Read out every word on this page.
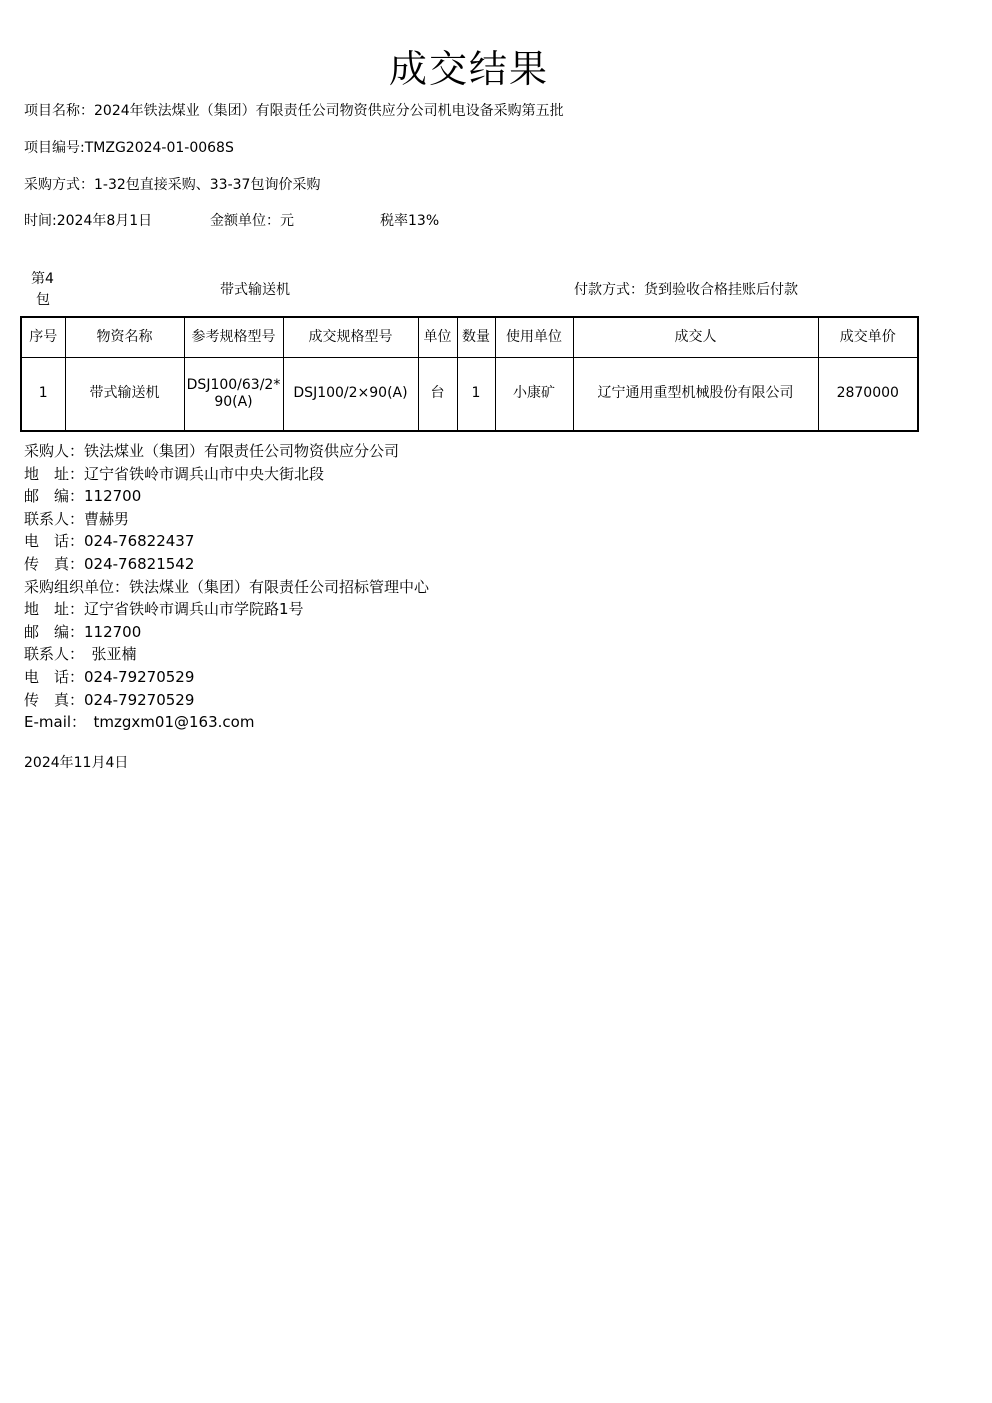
成交结果
项目名称：2024年铁法煤业（集团）有限责任公司物资供应分公司机电设备采购第五批
项目编号:TMZG2024-01-0068S
采购方式：1-32包直接采购、33-37包询价采购
时间:2024年8月1日	金额单位：元	税率13%
第4
包
带式输送机	付款方式：货到验收合格挂账后付款
序号	物资名称	参考规格型号	成交规格型号	单位	数量	使用单位	成交人	成交单价
1	带式输送机	DSJ100/63/2*90(A)	DSJ100/2×90(A)	台	1	小康矿	辽宁通用重型机械股份有限公司	2870000
采购人：铁法煤业（集团）有限责任公司物资供应分公司
地　址：辽宁省铁岭市调兵山市中央大街北段
邮　编：112700
联系人：曹赫男
电　话：024-76822437
传　真：024-76821542
采购组织单位：铁法煤业（集团）有限责任公司招标管理中心
地　址：辽宁省铁岭市调兵山市学院路1号
邮　编：112700
联系人：　张亚楠
电　话：024-79270529
传　真：024-79270529
E-mail：　tmzgxm01@163.com
2024年11月4日
